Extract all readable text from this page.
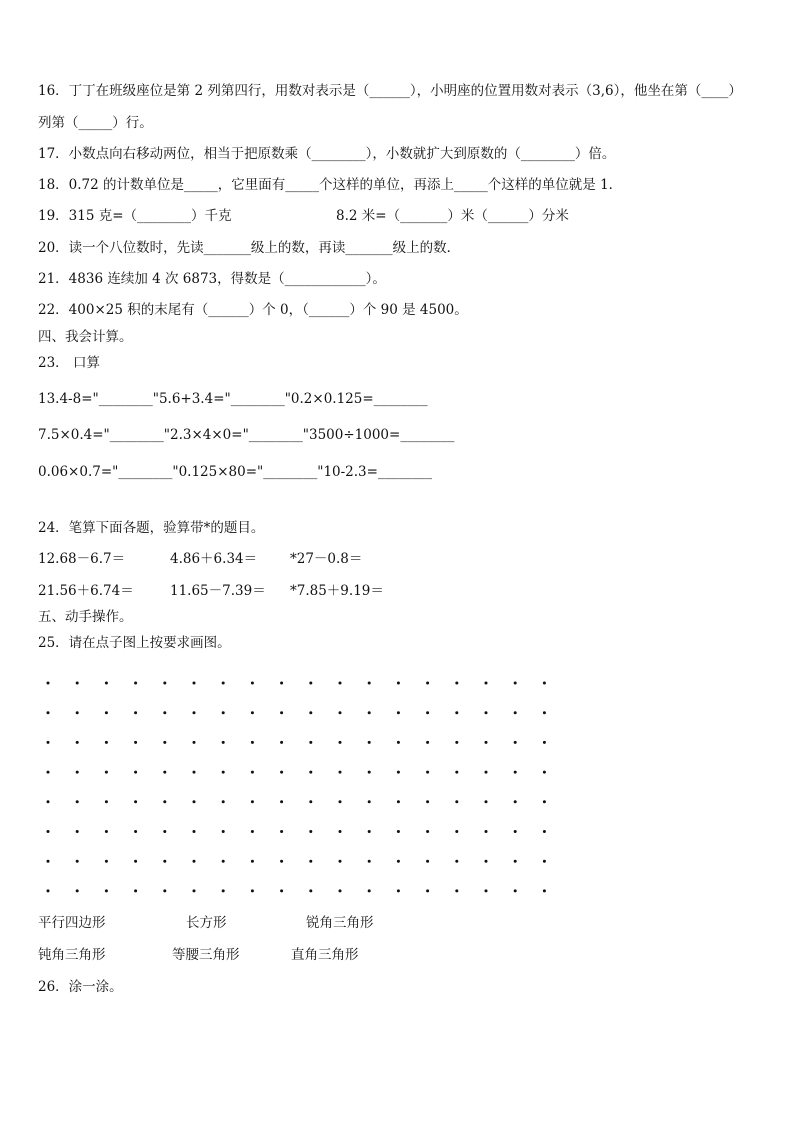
16．丁丁在班级座位是第 2 列第四行，用数对表示是（______），小明座的位置用数对表示（3,6），他坐在第（____）
列第（_____）行。
17．小数点向右移动两位，相当于把原数乘（________），小数就扩大到原数的（________）倍。
18．0.72 的计数单位是_____，它里面有_____个这样的单位，再添上_____个这样的单位就是 1．
19．315 克=（________）千克	8.2 米=（_______）米（______）分米
20．读一个八位数时，先读_______级上的数，再读_______级上的数．
21．4836 连续加 4 次 6873，得数是（____________）。
22．400×25 积的末尾有（______）个 0，（______）个 90 是 4500。
四、我会计算。
23． 口算
13.4-8="________"5.6+3.4="________"0.2×0.125=________
7.5×0.4="________"2.3×4×0="________"3500÷1000=________
0.06×0.7="________"0.125×80="________"10-2.3=________
24．笔算下面各题，验算带*的题目。
12.68－6.7＝	4.86＋6.34＝ *27－0.8＝
21.56＋6.74＝	11.65－7.39＝ *7.85＋9.19＝
五、动手操作。
25．请在点子图上按要求画图。
平行四边形	长方形	锐角三角形
钝角三角形	等腰三角形	直角三角形
26．涂一涂。
